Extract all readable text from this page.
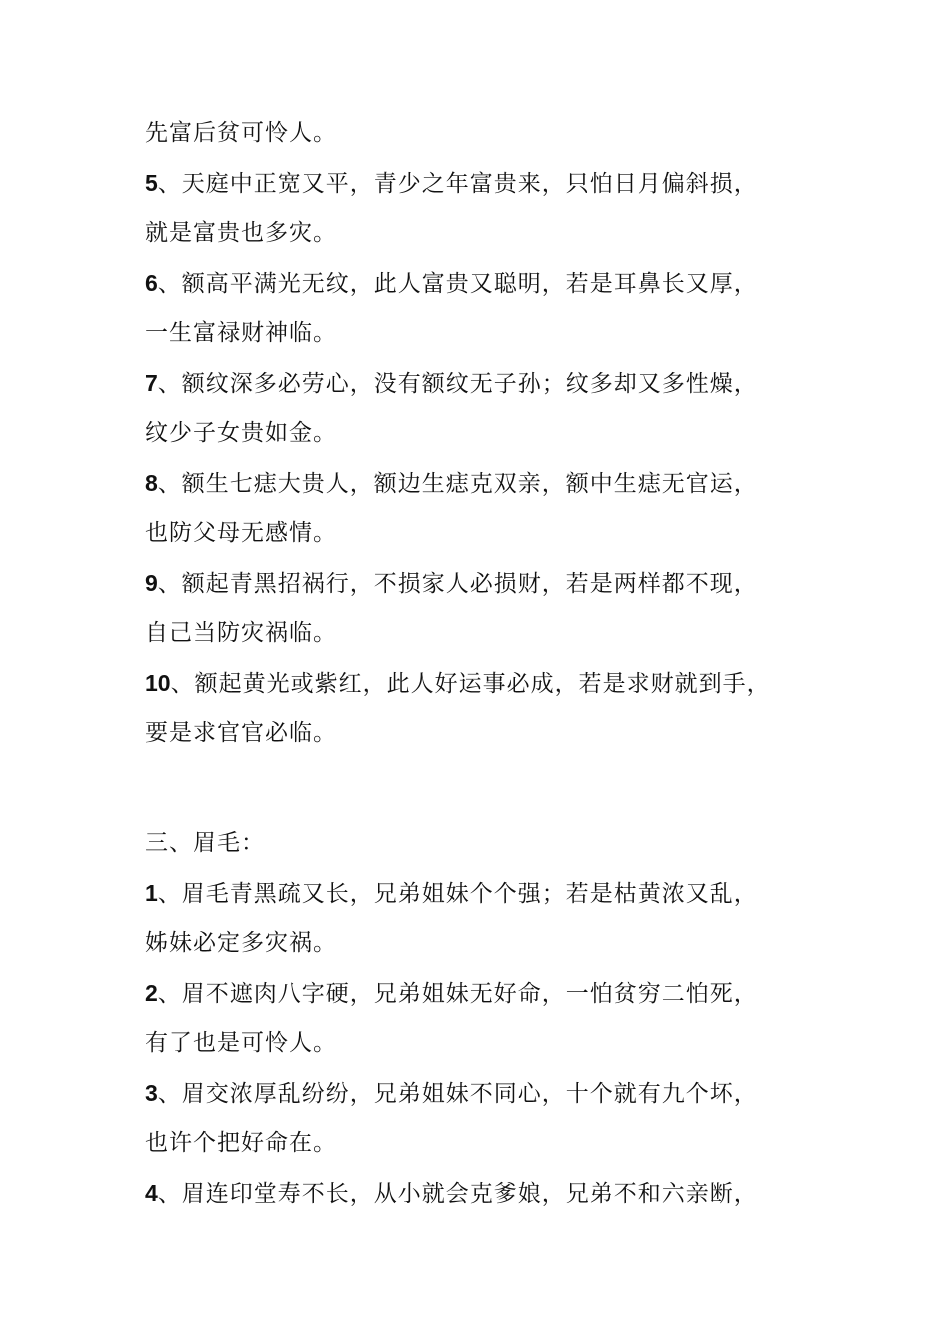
先富后贫可怜人。
5、天庭中正宽又平，青少之年富贵来，只怕日月偏斜损，
就是富贵也多灾。
6、额高平满光无纹，此人富贵又聪明，若是耳鼻长又厚，
一生富禄财神临。
7、额纹深多必劳心，没有额纹无子孙；纹多却又多性燥，
纹少子女贵如金。
8、额生七痣大贵人，额边生痣克双亲，额中生痣无官运，
也防父母无感情。
9、额起青黑招祸行，不损家人必损财，若是两样都不现，
自己当防灾祸临。
10、额起黄光或紫红，此人好运事必成，若是求财就到手，
要是求官官必临。
三、眉毛：
1、眉毛青黑疏又长，兄弟姐妹个个强；若是枯黄浓又乱，
姊妹必定多灾祸。
2、眉不遮肉八字硬，兄弟姐妹无好命，一怕贫穷二怕死，
有了也是可怜人。
3、眉交浓厚乱纷纷，兄弟姐妹不同心，十个就有九个坏，
也许个把好命在。
4、眉连印堂寿不长，从小就会克爹娘，兄弟不和六亲断，
